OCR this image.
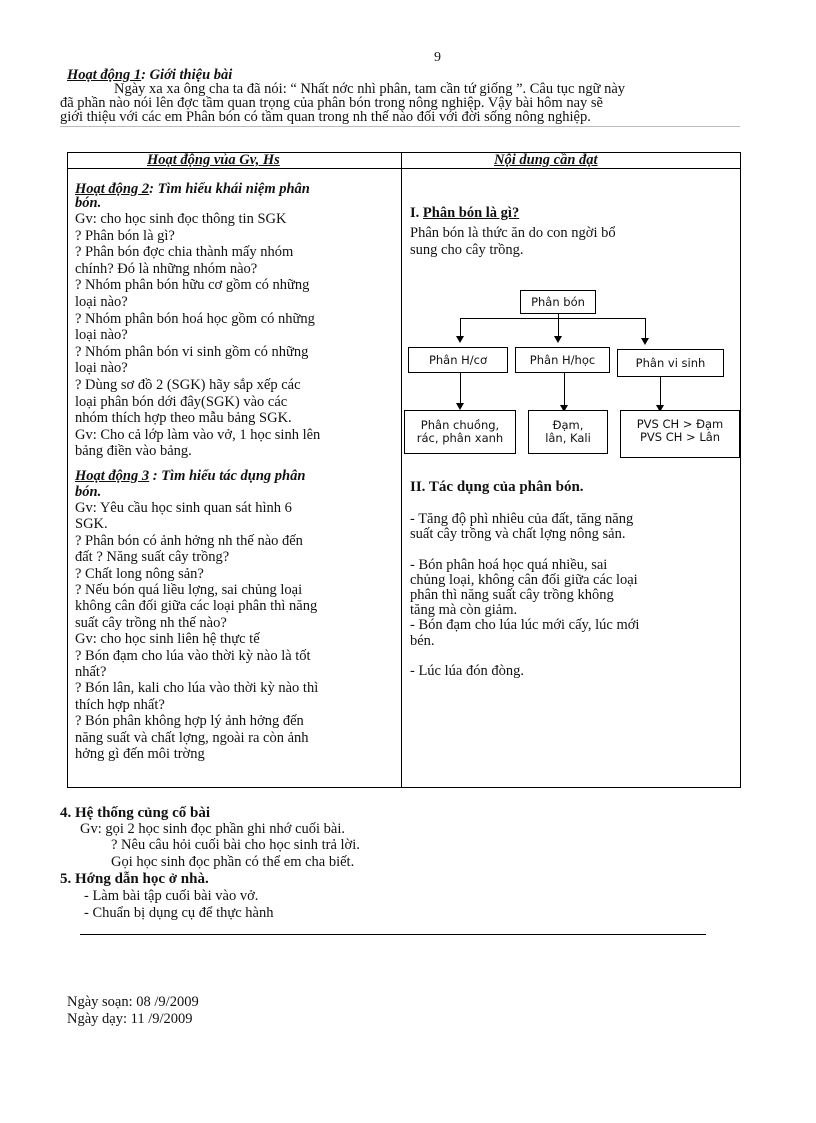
9
Hoạt động 1: Giới thiệu bài
Ngày xa xa ông cha ta đã nói: “ Nhất nớc nhì phân, tam cần tứ giống ”. Câu tục ngữ này
đã phần nào nói lên đợc tầm quan trọng của phân bón trong nông nghiệp. Vậy bài hôm nay sẽ
giới thiệu với các em Phân bón có tầm quan trong nh thế nào đối với đời sống nông nghiệp.
Hoạt động vủa Gv, Hs	Nội dung cần đạt
Hoạt động 2: Tìm hiểu khái niệm phân
bón.
Gv: cho học sinh đọc thông tin SGK
? Phân bón là gì?
? Phân bón đợc chia thành mấy nhóm
chính? Đó là những nhóm nào?
? Nhóm phân bón hữu cơ gồm có những
loại nào?
? Nhóm phân bón hoá học gồm có những
loại nào?
? Nhóm phân bón vi sinh gồm có những
loại nào?
? Dùng sơ đồ 2 (SGK) hãy sắp xếp các
loại phân bón dới đây(SGK) vào các
nhóm thích hợp theo mẫu bảng SGK.
Gv: Cho cả lớp làm vào vở, 1 học sinh lên
bảng điền vào bảng.
Hoạt động 3 : Tìm hiểu tác dụng phân
bón.
Gv: Yêu cầu học sinh quan sát hình 6
SGK.
? Phân bón có ảnh hởng nh thế nào đến
đất ? Năng suất cây trồng?
? Chất long nông sản?
? Nếu bón quá liều lợng, sai chủng loại
không cân đối giữa các loại phân thì năng
suất cây trồng nh thế nào?
Gv: cho học sinh liên hệ thực tế
? Bón đạm cho lúa vào thời kỳ nào là tốt
nhất?
? Bón lân, kali cho lúa vào thời kỳ nào thì
thích hợp nhất?
? Bón phân không hợp lý ảnh hởng đến
năng suất và chất lợng, ngoài ra còn ảnh
hởng gì đến môi trờng
I. Phân bón là gì?
Phân bón là thức ăn do con ngời bổ
sung cho cây trồng.
Phân bón
Phân H/cơ	Phân H/học	Phân vi sinh
Phân chuồng,
rác, phân xanh
Đạm,
lân, Kali
PVS CH > Đạm
PVS CH > Lân
II. Tác dụng của phân bón.
- Tăng độ phì nhiêu của đất, tăng năng
suất cây trồng và chất lợng nông sản.
- Bón phân hoá học quá nhiều, sai
chủng loại, không cân đối giữa các loại
phân thì năng suất cây trồng không
tăng mà còn giảm.
- Bón đạm cho lúa lúc mới cấy, lúc mới
bén.
- Lúc lúa đón đòng.
4. Hệ thống củng cố bài
Gv: gọi 2 học sinh đọc phần ghi nhớ cuối bài.
? Nêu câu hỏi cuối bài cho học sinh trả lời.
Gọi học sinh đọc phần có thể em cha biết.
5. Hớng dẫn học ở nhà.
- Làm bài tập cuối bài vào vở.
- Chuẩn bị dụng cụ để thực hành
Ngày soạn: 08 /9/2009
Ngày dạy: 11 /9/2009
